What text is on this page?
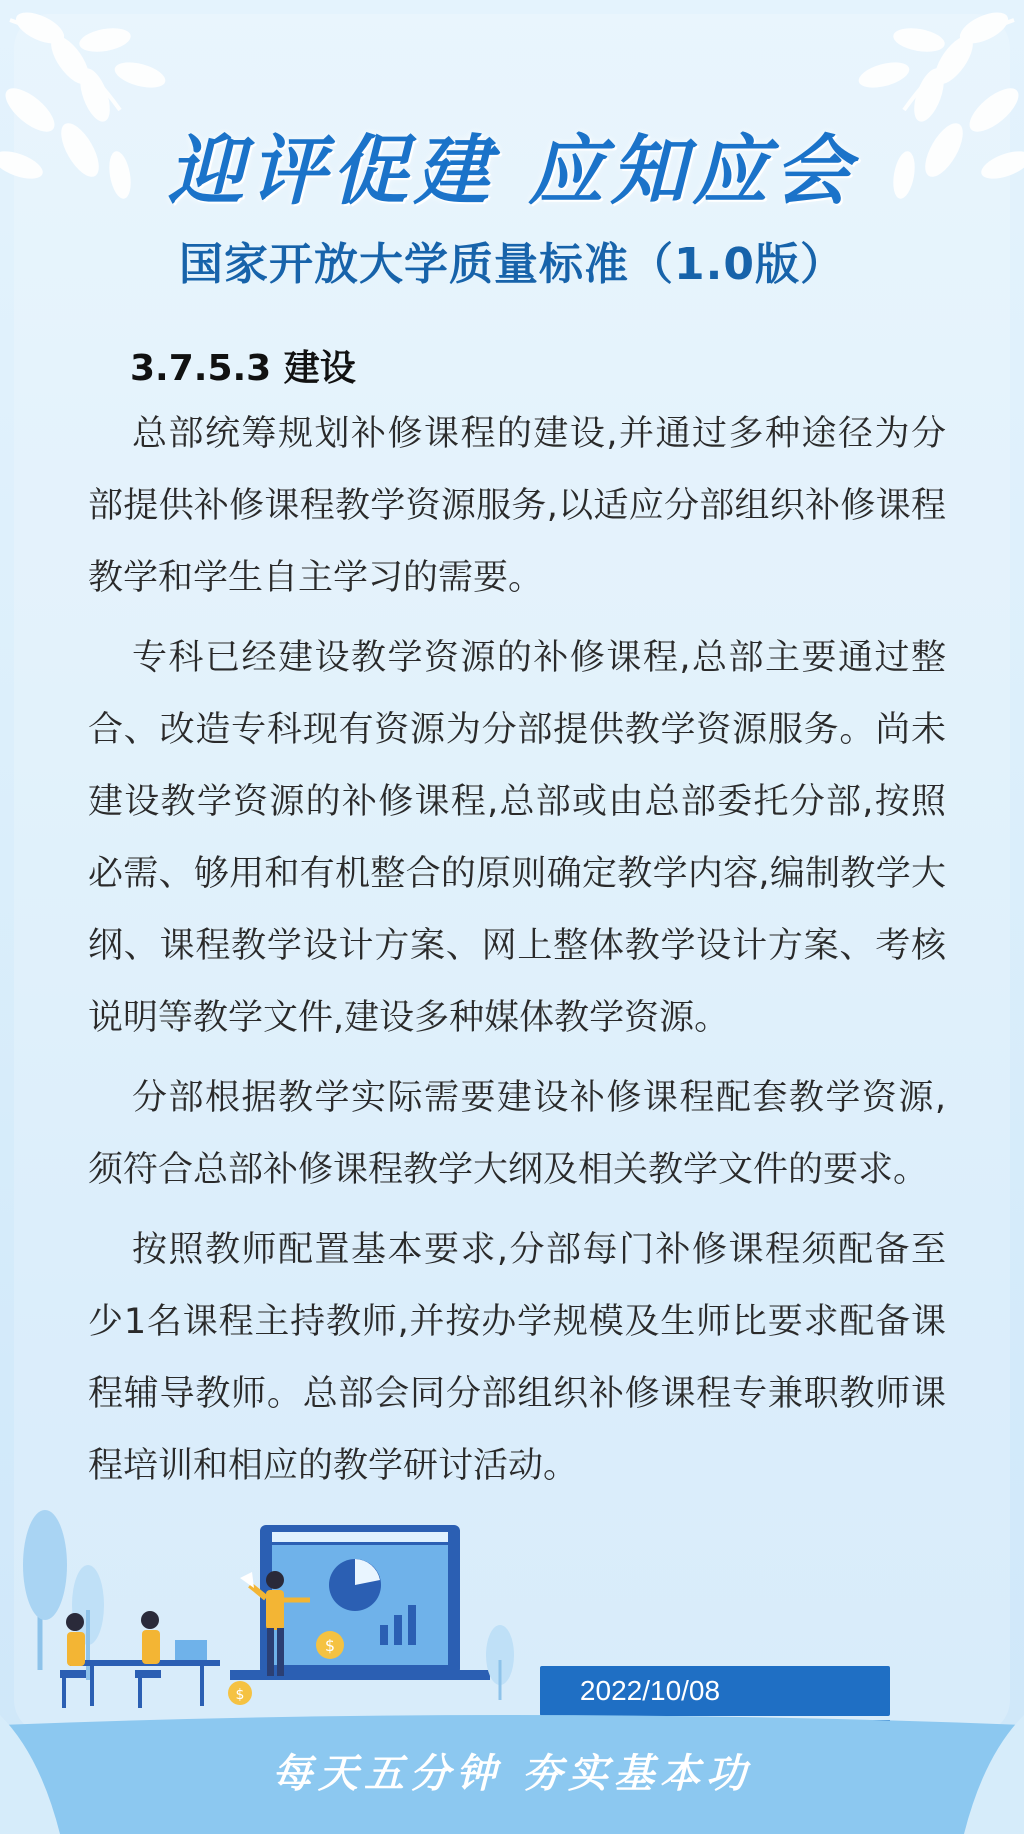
迎评促建 应知应会
国家开放大学质量标准（1.0版）
3.7.5.3 建设

总部统筹规划补修课程的建设,并通过多种途径为分部提供补修课程教学资源服务,以适应分部组织补修课程教学和学生自主学习的需要。

专科已经建设教学资源的补修课程,总部主要通过整合、改造专科现有资源为分部提供教学资源服务。尚未建设教学资源的补修课程,总部或由总部委托分部,按照必需、够用和有机整合的原则确定教学内容,编制教学大纲、课程教学设计方案、网上整体教学设计方案、考核说明等教学文件,建设多种媒体教学资源。

分部根据教学实际需要建设补修课程配套教学资源,须符合总部补修课程教学大纲及相关教学文件的要求。

按照教师配置基本要求,分部每门补修课程须配备至少1名课程主持教师,并按办学规模及生师比要求配备课程辅导教师。总部会同分部组织补修课程专兼职教师课程培训和相应的教学研讨活动。

$
$	2022/10/08
每天五分钟 夯实基本功
